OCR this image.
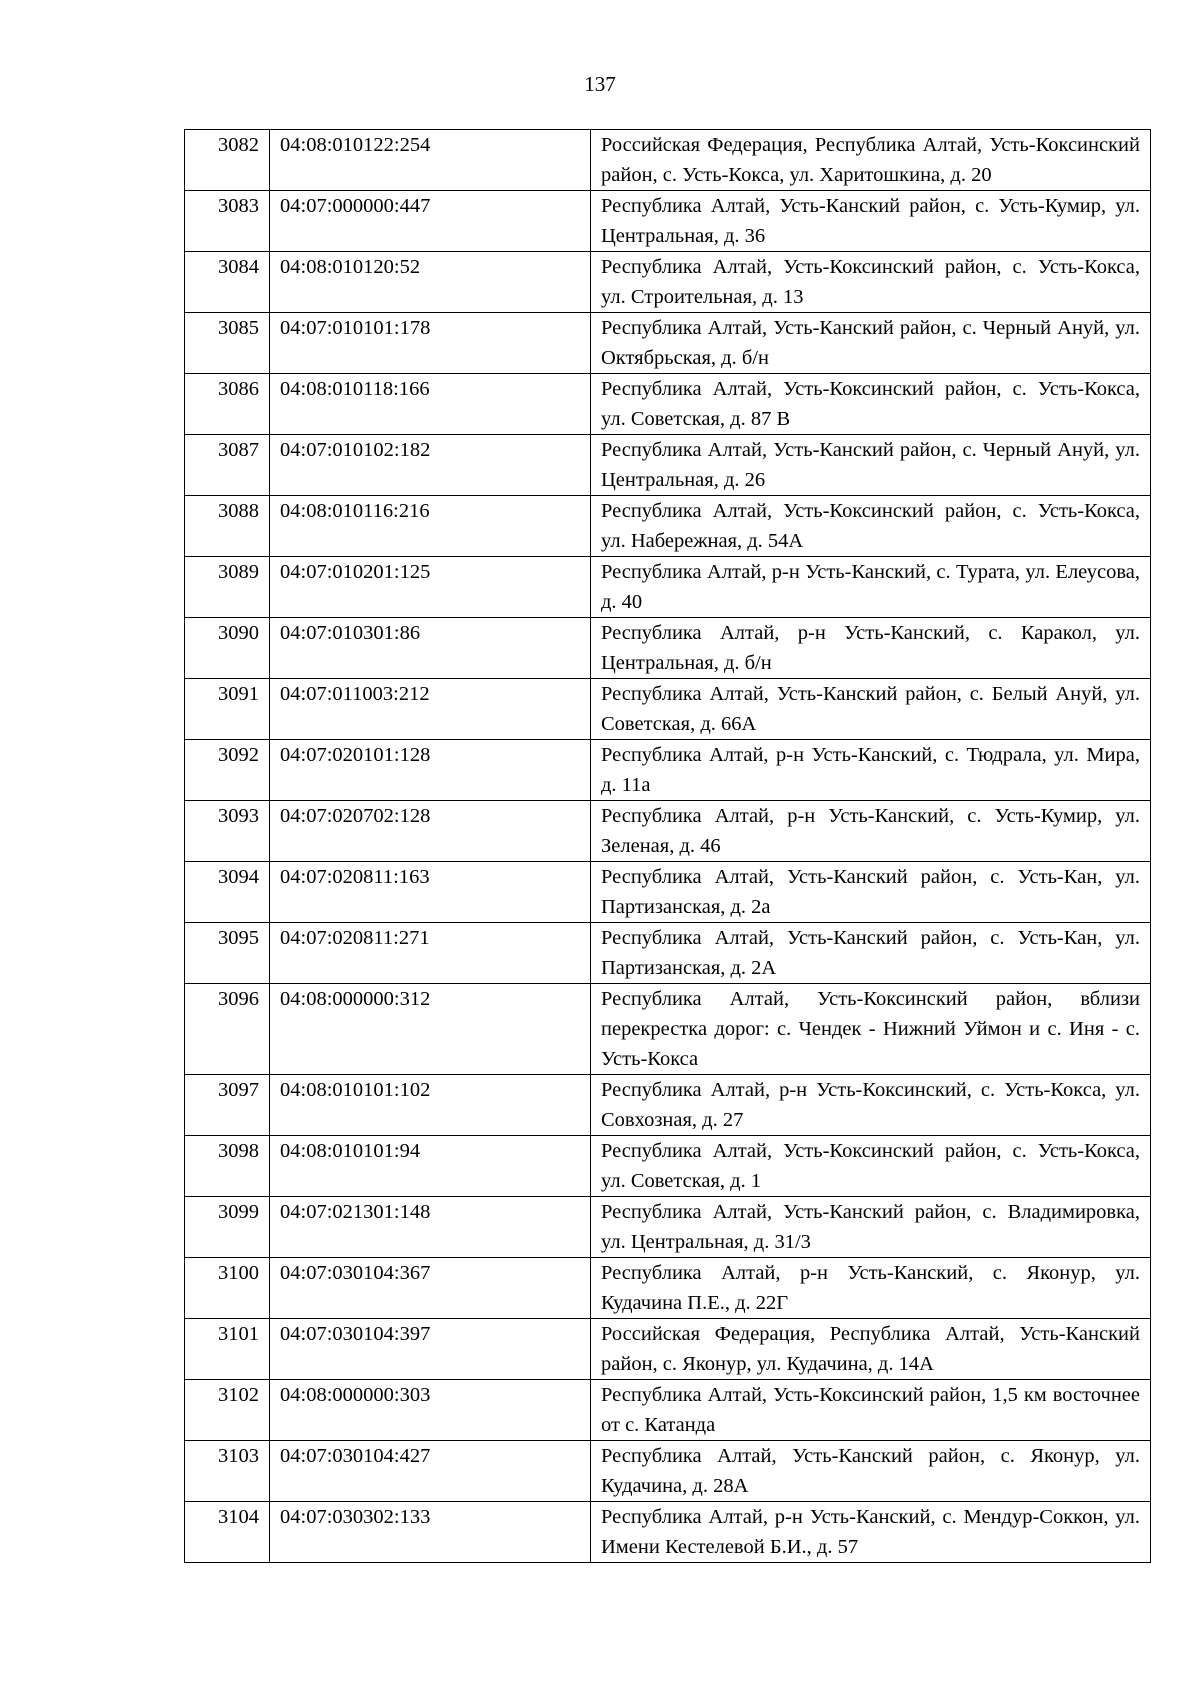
137
3082	04:08:010122:254	Российская Федерация, Республика Алтай, Усть-Коксинский район, с. Усть-Кокса, ул. Харитошкина, д. 20
3083	04:07:000000:447	Республика Алтай, Усть-Канский район, с. Усть-Кумир, ул. Центральная, д. 36
3084	04:08:010120:52	Республика Алтай, Усть-Коксинский район, с. Усть-Кокса, ул. Строительная, д. 13
3085	04:07:010101:178	Республика Алтай, Усть-Канский район, с. Черный Ануй, ул. Октябрьская, д. б/н
3086	04:08:010118:166	Республика Алтай, Усть-Коксинский район, с. Усть-Кокса, ул. Советская, д. 87 В
3087	04:07:010102:182	Республика Алтай, Усть-Канский район, с. Черный Ануй, ул. Центральная, д. 26
3088	04:08:010116:216	Республика Алтай, Усть-Коксинский район, с. Усть-Кокса, ул. Набережная, д. 54А
3089	04:07:010201:125	Республика Алтай, р-н Усть-Канский, с. Турата, ул. Елеусова, д. 40
3090	04:07:010301:86	Республика Алтай, р-н Усть-Канский, с. Каракол, ул. Центральная, д. б/н
3091	04:07:011003:212	Республика Алтай, Усть-Канский район, с. Белый Ануй, ул. Советская, д. 66А
3092	04:07:020101:128	Республика Алтай, р-н Усть-Канский, с. Тюдрала, ул. Мира, д. 11а
3093	04:07:020702:128	Республика Алтай, р-н Усть-Канский, с. Усть-Кумир, ул. Зеленая, д. 46
3094	04:07:020811:163	Республика Алтай, Усть-Канский район, с. Усть-Кан, ул. Партизанская, д. 2а
3095	04:07:020811:271	Республика Алтай, Усть-Канский район, с. Усть-Кан, ул. Партизанская, д. 2А
3096	04:08:000000:312	Республика Алтай, Усть-Коксинский район, вблизи перекрестка дорог: с. Чендек - Нижний Уймон и с. Иня - с. Усть-Кокса
3097	04:08:010101:102	Республика Алтай, р-н Усть-Коксинский, с. Усть-Кокса, ул. Совхозная, д. 27
3098	04:08:010101:94	Республика Алтай, Усть-Коксинский район, с. Усть-Кокса, ул. Советская, д. 1
3099	04:07:021301:148	Республика Алтай, Усть-Канский район, с. Владимировка, ул. Центральная, д. 31/3
3100	04:07:030104:367	Республика Алтай, р-н Усть-Канский, с. Яконур, ул. Кудачина П.Е., д. 22Г
3101	04:07:030104:397	Российская Федерация, Республика Алтай, Усть-Канский район, с. Яконур, ул. Кудачина, д. 14А
3102	04:08:000000:303	Республика Алтай, Усть-Коксинский район, 1,5 км восточнее от с. Катанда
3103	04:07:030104:427	Республика Алтай, Усть-Канский район, с. Яконур, ул. Кудачина, д. 28А
3104	04:07:030302:133	Республика Алтай, р-н Усть-Канский, с. Мендур-Соккон, ул. Имени Кестелевой Б.И., д. 57
